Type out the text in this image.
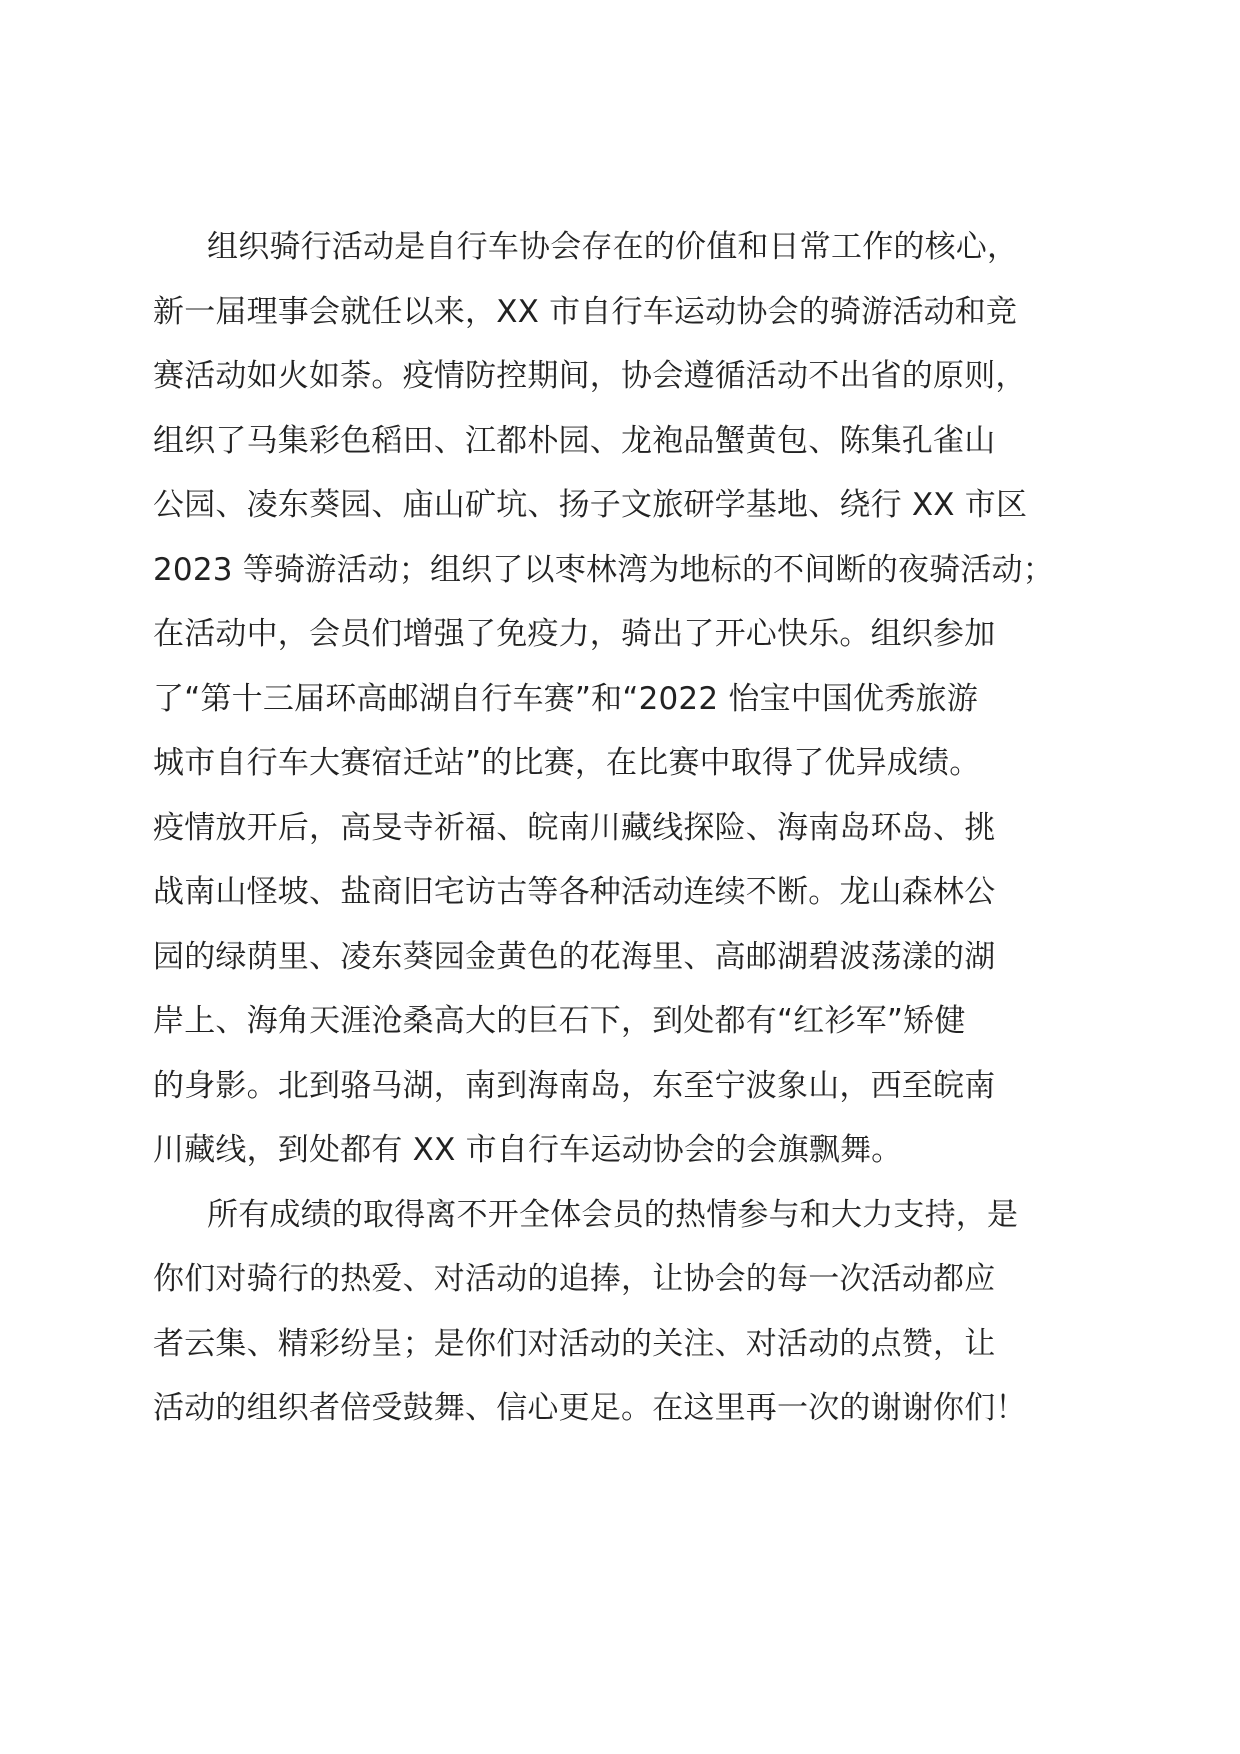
组织骑行活动是自行车协会存在的价值和日常工作的核心，
新一届理事会就任以来，XX 市自行车运动协会的骑游活动和竞
赛活动如火如荼。疫情防控期间，协会遵循活动不出省的原则，
组织了马集彩色稻田、江都朴园、龙袍品蟹黄包、陈集孔雀山
公园、凌东葵园、庙山矿坑、扬子文旅研学基地、绕行 XX 市区
2023 等骑游活动；组织了以枣林湾为地标的不间断的夜骑活动；
在活动中，会员们增强了免疫力，骑出了开心快乐。组织参加
了“第十三届环高邮湖自行车赛”和“2022 怡宝中国优秀旅游
城市自行车大赛宿迁站”的比赛，在比赛中取得了优异成绩。
疫情放开后，高旻寺祈福、皖南川藏线探险、海南岛环岛、挑
战南山怪坡、盐商旧宅访古等各种活动连续不断。龙山森林公
园的绿荫里、凌东葵园金黄色的花海里、高邮湖碧波荡漾的湖
岸上、海角天涯沧桑高大的巨石下，到处都有“红衫军”矫健
的身影。北到骆马湖，南到海南岛，东至宁波象山，西至皖南
川藏线，到处都有 XX 市自行车运动协会的会旗飘舞。
所有成绩的取得离不开全体会员的热情参与和大力支持，是
你们对骑行的热爱、对活动的追捧，让协会的每一次活动都应
者云集、精彩纷呈；是你们对活动的关注、对活动的点赞，让
活动的组织者倍受鼓舞、信心更足。在这里再一次的谢谢你们！
